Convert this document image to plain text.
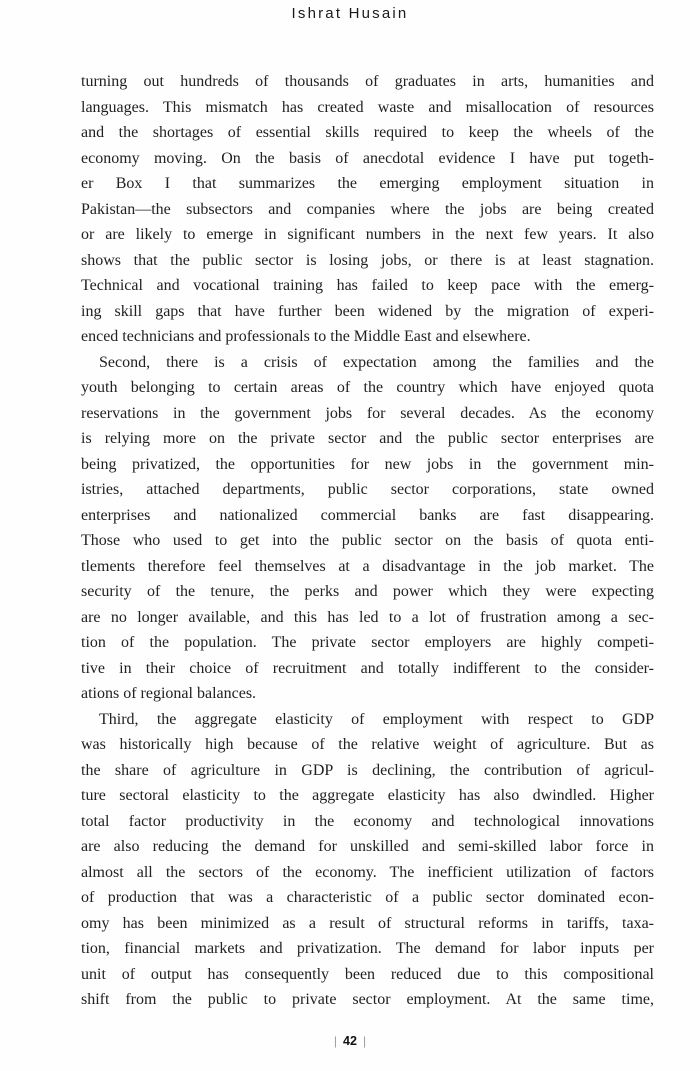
Ishrat Husain
turning out hundreds of thousands of graduates in arts, humanities and
languages. This mismatch has created waste and misallocation of resources
and the shortages of essential skills required to keep the wheels of the
economy moving. On the basis of anecdotal evidence I have put togeth-
er Box I that summarizes the emerging employment situation in
Pakistan—the subsectors and companies where the jobs are being created
or are likely to emerge in significant numbers in the next few years. It also
shows that the public sector is losing jobs, or there is at least stagnation.
Technical and vocational training has failed to keep pace with the emerg-
ing skill gaps that have further been widened by the migration of experi-
enced technicians and professionals to the Middle East and elsewhere.
Second, there is a crisis of expectation among the families and the
youth belonging to certain areas of the country which have enjoyed quota
reservations in the government jobs for several decades. As the economy
is relying more on the private sector and the public sector enterprises are
being privatized, the opportunities for new jobs in the government min-
istries, attached departments, public sector corporations, state owned
enterprises and nationalized commercial banks are fast disappearing.
Those who used to get into the public sector on the basis of quota enti-
tlements therefore feel themselves at a disadvantage in the job market. The
security of the tenure, the perks and power which they were expecting
are no longer available, and this has led to a lot of frustration among a sec-
tion of the population. The private sector employers are highly competi-
tive in their choice of recruitment and totally indifferent to the consider-
ations of regional balances.
Third, the aggregate elasticity of employment with respect to GDP
was historically high because of the relative weight of agriculture. But as
the share of agriculture in GDP is declining, the contribution of agricul-
ture sectoral elasticity to the aggregate elasticity has also dwindled. Higher
total factor productivity in the economy and technological innovations
are also reducing the demand for unskilled and semi-skilled labor force in
almost all the sectors of the economy. The inefficient utilization of factors
of production that was a characteristic of a public sector dominated econ-
omy has been minimized as a result of structural reforms in tariffs, taxa-
tion, financial markets and privatization. The demand for labor inputs per
unit of output has consequently been reduced due to this compositional
shift from the public to private sector employment. At the same time,
| 42 |
